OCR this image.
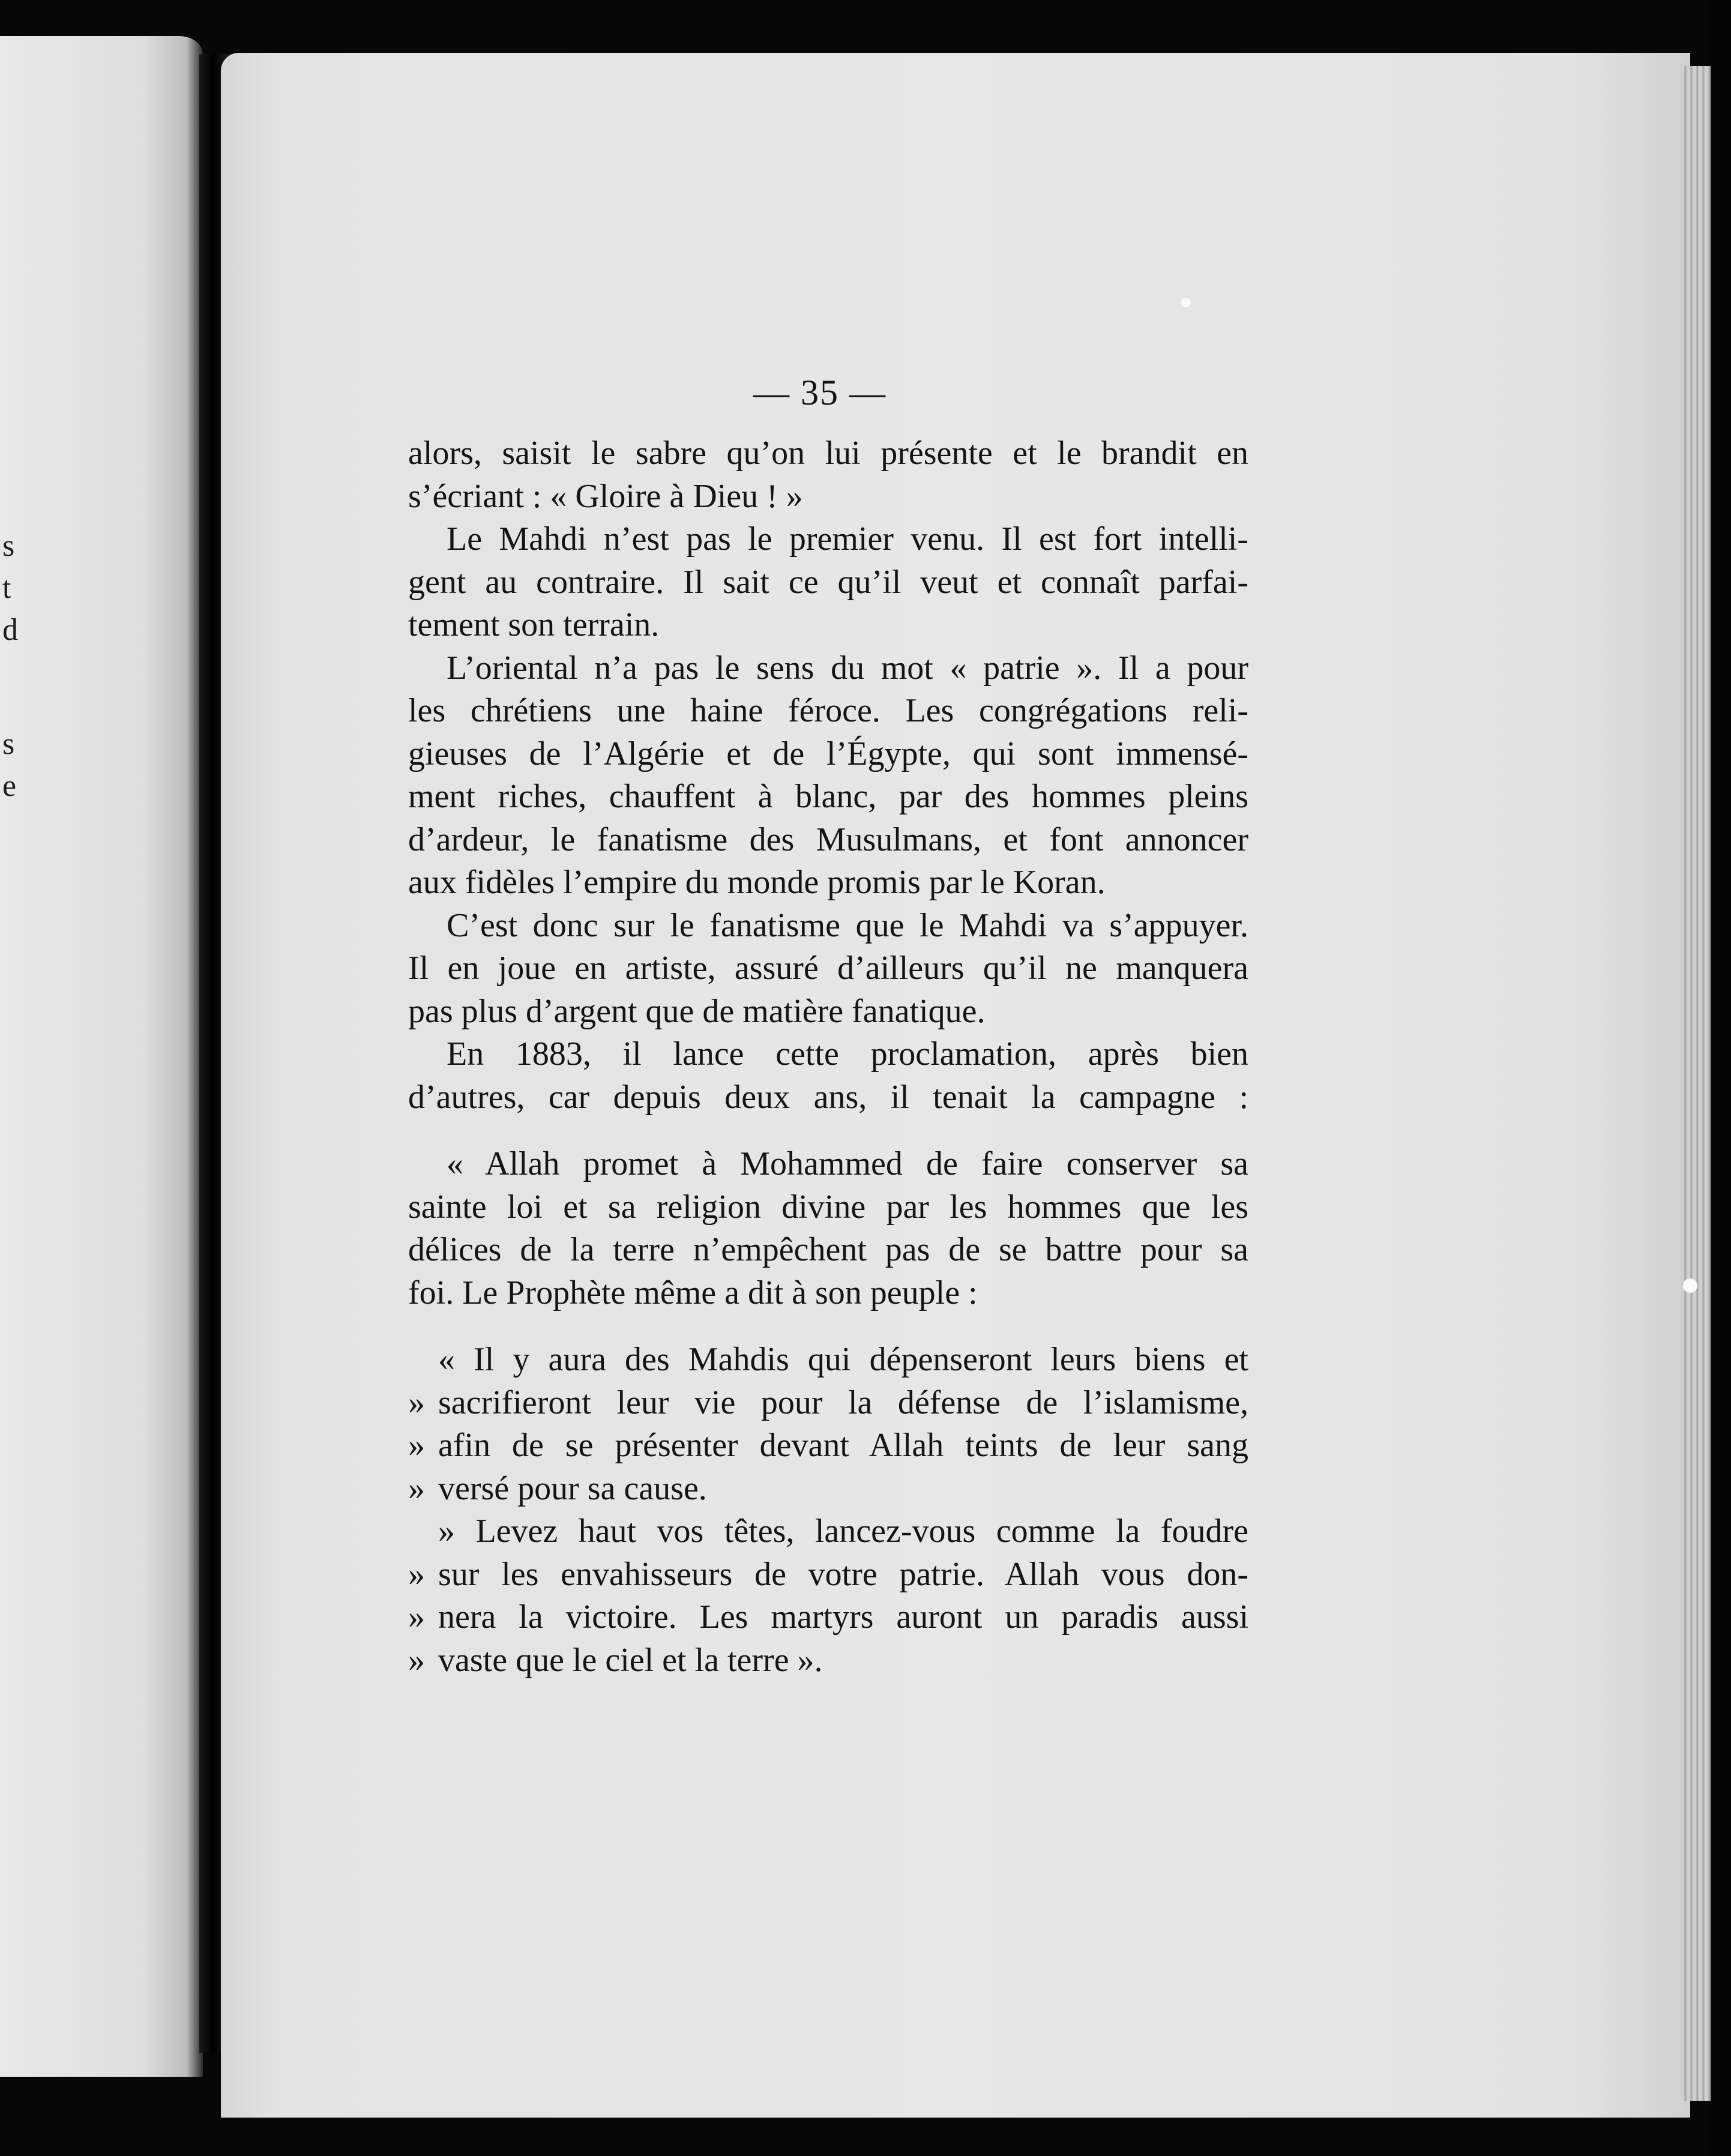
s
t
d
s
e
— 35 —
alors, saisit le sabre qu’on lui présente et le brandit en
s’écriant : « Gloire à Dieu ! »
Le Mahdi n’est pas le premier venu. Il est fort intelli-
gent au contraire. Il sait ce qu’il veut et connaît parfai-
tement son terrain.
L’oriental n’a pas le sens du mot « patrie ». Il a pour
les chrétiens une haine féroce. Les congrégations reli-
gieuses de l’Algérie et de l’Égypte, qui sont immensé-
ment riches, chauffent à blanc, par des hommes pleins
d’ardeur, le fanatisme des Musulmans, et font annoncer
aux fidèles l’empire du monde promis par le Koran.
C’est donc sur le fanatisme que le Mahdi va s’appuyer.
Il en joue en artiste, assuré d’ailleurs qu’il ne manquera
pas plus d’argent que de matière fanatique.
En 1883, il lance cette proclamation, après bien
d’autres, car depuis deux ans, il tenait la campagne :
« Allah promet à Mohammed de faire conserver sa
sainte loi et sa religion divine par les hommes que les
délices de la terre n’empêchent pas de se battre pour sa
foi. Le Prophète même a dit à son peuple :
« Il y aura des Mahdis qui dépenseront leurs biens et
» sacrifieront leur vie pour la défense de l’islamisme,
» afin de se présenter devant Allah teints de leur sang
» versé pour sa cause.
» Levez haut vos têtes, lancez-vous comme la foudre
» sur les envahisseurs de votre patrie. Allah vous don-
» nera la victoire. Les martyrs auront un paradis aussi
» vaste que le ciel et la terre ».
